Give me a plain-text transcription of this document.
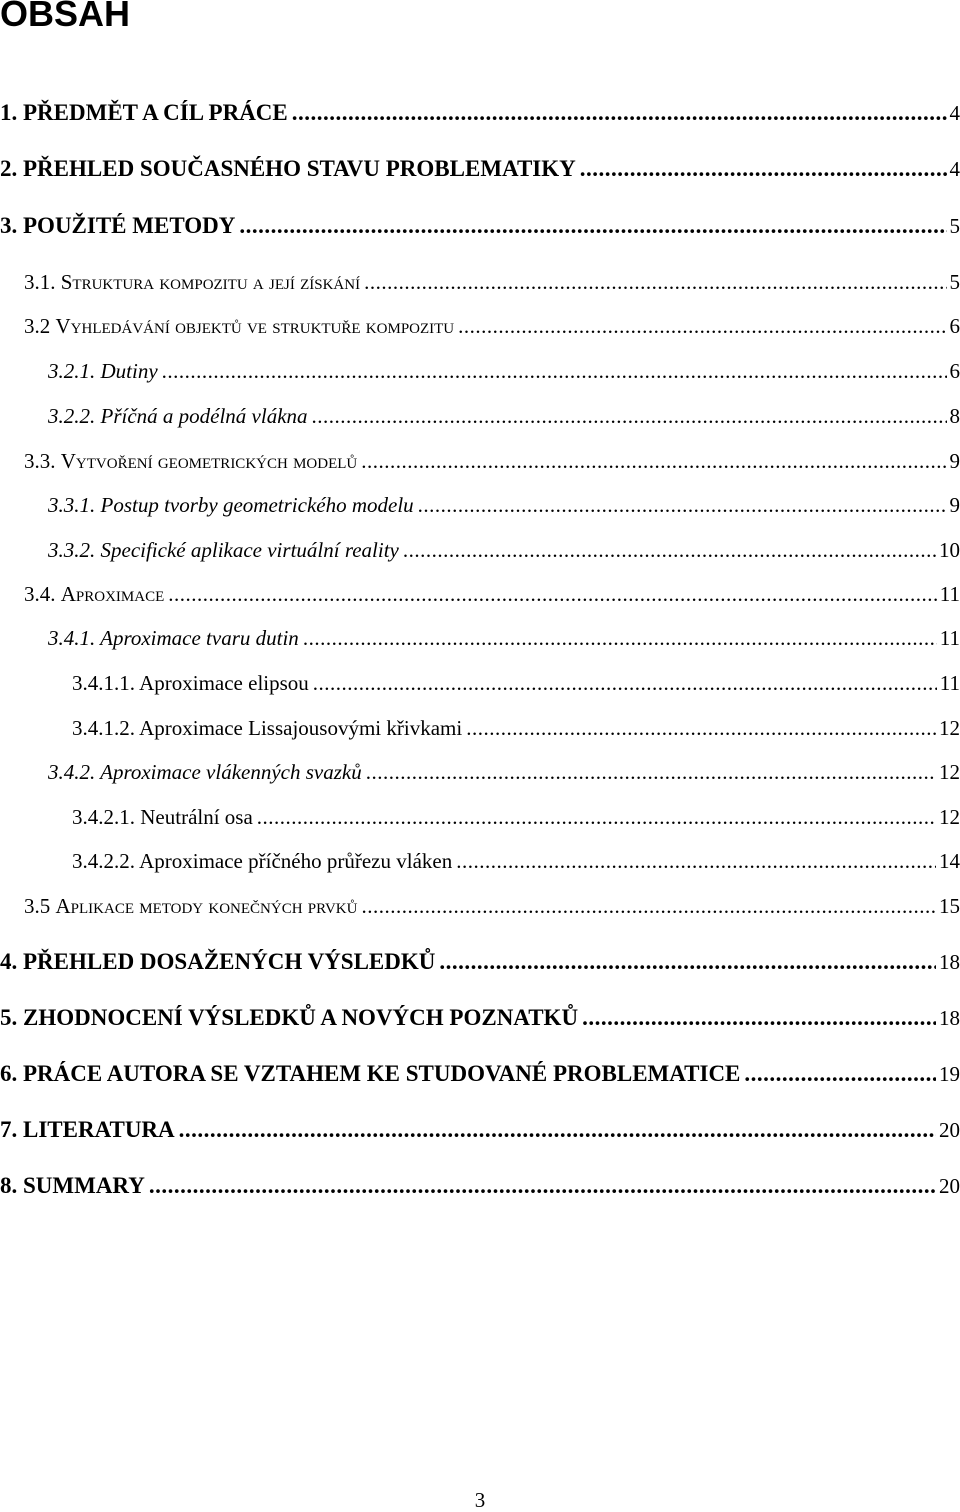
OBSAH
1. PŘEDMĚT A CÍL PRÁCE .....	4
2. PŘEHLED SOUČASNÉHO STAVU PROBLEMATIKY .....	4
3. POUŽITÉ METODY .....	5
3.1. Struktura kompozitu a její získání .....	5
3.2 Vyhledávání objektů ve struktuře kompozitu .....	6
3.2.1. Dutiny .....	6
3.2.2. Příčná a podélná vlákna .....	8
3.3. Vytvoření geometrických modelů .....	9
3.3.1. Postup tvorby geometrického modelu .....	9
3.3.2. Specifické aplikace virtuální reality .....	10
3.4. Aproximace .....	11
3.4.1. Aproximace tvaru dutin .....	11
3.4.1.1. Aproximace elipsou .....	11
3.4.1.2. Aproximace Lissajousovými křivkami .....	12
3.4.2. Aproximace vlákenných svazků .....	12
3.4.2.1. Neutrální osa .....	12
3.4.2.2. Aproximace příčného průřezu vláken .....	14
3.5 Aplikace metody konečných prvků .....	15
4. PŘEHLED DOSAŽENÝCH VÝSLEDKŮ .....	18
5. ZHODNOCENÍ VÝSLEDKŮ A NOVÝCH POZNATKŮ .....	18
6. PRÁCE AUTORA SE VZTAHEM KE STUDOVANÉ PROBLEMATICE .....	19
7. LITERATURA .....	20
8. SUMMARY .....	20
3
